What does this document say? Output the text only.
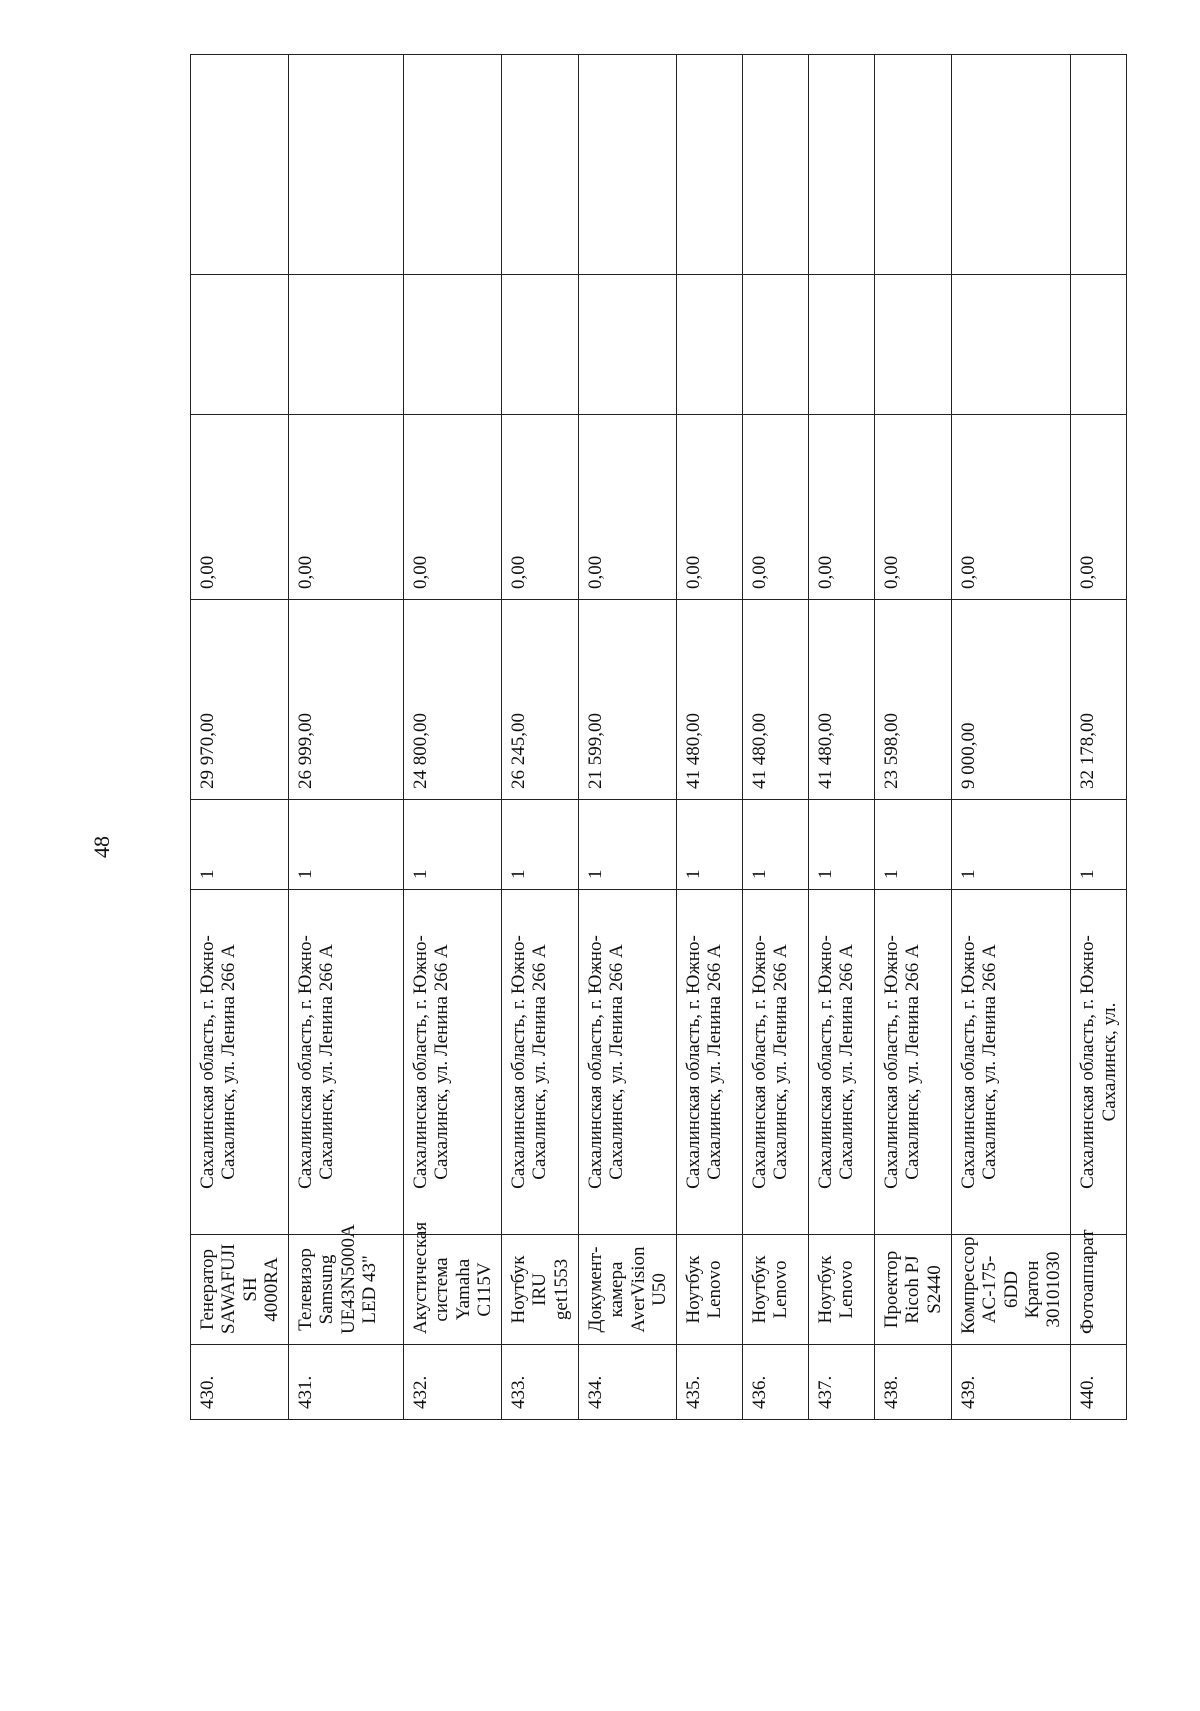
48
430.	Генератор SAWAFUJI SH 4000RA	Сахалинская область, г. Южно-Сахалинск, ул. Ленина 266 А	1	29 970,00	0,00		
431.	Телевизор Samsung UE43N5000A LED 43"	Сахалинская область, г. Южно-Сахалинск, ул. Ленина 266 А	1	26 999,00	0,00		
432.	Акустическая система Yamaha C115V	Сахалинская область, г. Южно-Сахалинск, ул. Ленина 266 А	1	24 800,00	0,00		
433.	Ноутбук IRU get1553	Сахалинская область, г. Южно-Сахалинск, ул. Ленина 266 А	1	26 245,00	0,00		
434.	Документ-камера AverVision U50	Сахалинская область, г. Южно-Сахалинск, ул. Ленина 266 А	1	21 599,00	0,00		
435.	Ноутбук Lenovo	Сахалинская область, г. Южно-Сахалинск, ул. Ленина 266 А	1	41 480,00	0,00		
436.	Ноутбук Lenovo	Сахалинская область, г. Южно-Сахалинск, ул. Ленина 266 А	1	41 480,00	0,00		
437.	Ноутбук Lenovo	Сахалинская область, г. Южно-Сахалинск, ул. Ленина 266 А	1	41 480,00	0,00		
438.	Проектор Ricoh PJ S2440	Сахалинская область, г. Южно-Сахалинск, ул. Ленина 266 А	1	23 598,00	0,00		
439.	Компрессор AC-175-6DD Кратон 30101030	Сахалинская область, г. Южно-Сахалинск, ул. Ленина 266 А	1	9 000,00	0,00		
440.	Фотоаппарат	Сахалинская область, г. Южно-Сахалинск, ул.	1	32 178,00	0,00		
